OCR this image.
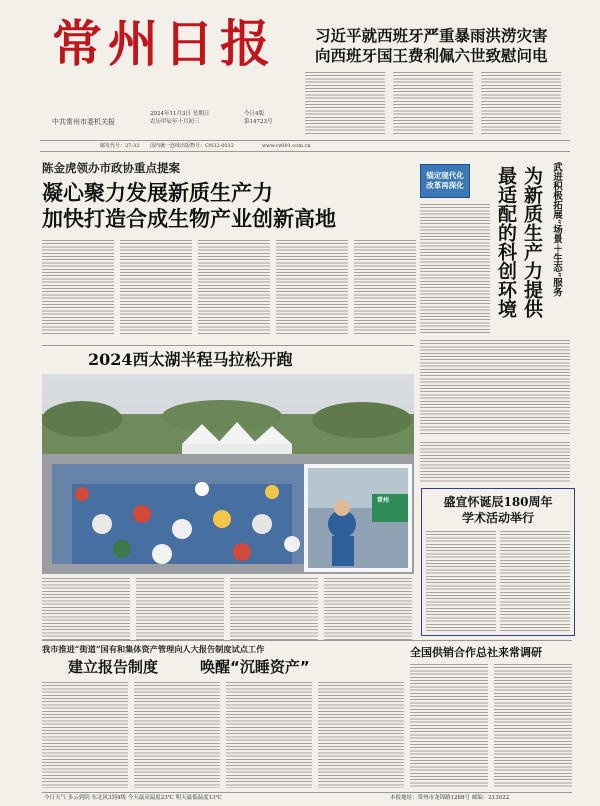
常州日报
中共常州市委机关报
2024年11月3日 星期日
农历甲辰年十月初三
今日4版
第14723号
国内统一连续出版物号：CN32-0012	www.cz001.com.cn
邮发代号：27-32
习近平就西班牙严重暴雨洪涝灾害
向西班牙国王费利佩六世致慰问电
陈金虎领办市政协重点提案
凝心聚力发展新质生产力
加快打造合成生物产业创新高地
锚定现代化
改革再深化	武进积极拓展“场景＋生态”服务
为新质生产力提供
最适配的科创环境
2024西太湖半程马拉松开跑
常州	盛宣怀诞辰180周年
学术活动举行
我市推进“街道”国有和集体资产管理向人大报告制度试点工作
建立报告制度	唤醒“沉睡资产”
全国供销合作总社来常调研
今日天气 多云到阴 东北风3到4级 今天最高温度23℃ 明天最低温度13℃	本报地址：常州市龙锦路1288号 邮编：213022
